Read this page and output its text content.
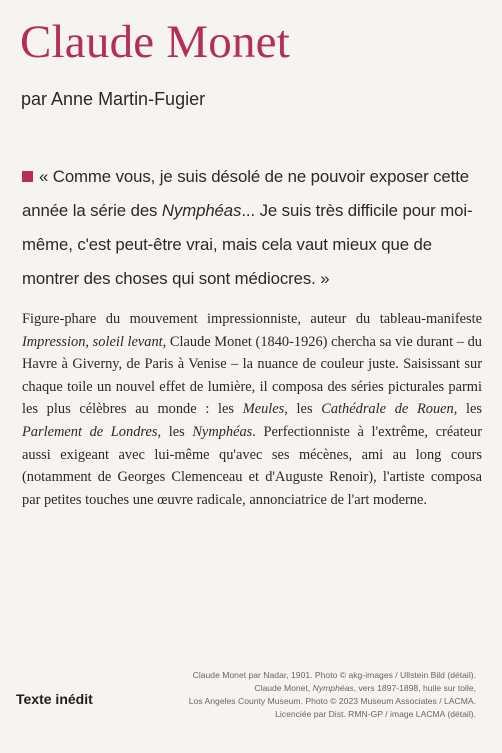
Claude Monet
par Anne Martin-Fugier
« Comme vous, je suis désolé de ne pouvoir exposer cette année la série des Nymphéas... Je suis très difficile pour moi-même, c'est peut-être vrai, mais cela vaut mieux que de montrer des choses qui sont médiocres. »
Figure-phare du mouvement impressionniste, auteur du tableau-manifeste Impression, soleil levant, Claude Monet (1840-1926) chercha sa vie durant – du Havre à Giverny, de Paris à Venise – la nuance de couleur juste. Saisissant sur chaque toile un nouvel effet de lumière, il composa des séries picturales parmi les plus célèbres au monde : les Meules, les Cathédrale de Rouen, les Parlement de Londres, les Nymphéas. Perfectionniste à l'extrême, créateur aussi exigeant avec lui-même qu'avec ses mécènes, ami au long cours (notamment de Georges Clemenceau et d'Auguste Renoir), l'artiste composa par petites touches une œuvre radicale, annonciatrice de l'art moderne.
Claude Monet par Nadar, 1901. Photo © akg-images / Ullstein Bild (détail).
Claude Monet, Nymphéas, vers 1897-1898, huile sur toile,
Los Angeles County Museum. Photo © 2023 Museum Associates / LACMA.
Licenciée par Dist. RMN-GP / image LACMA (détail).
Texte inédit
